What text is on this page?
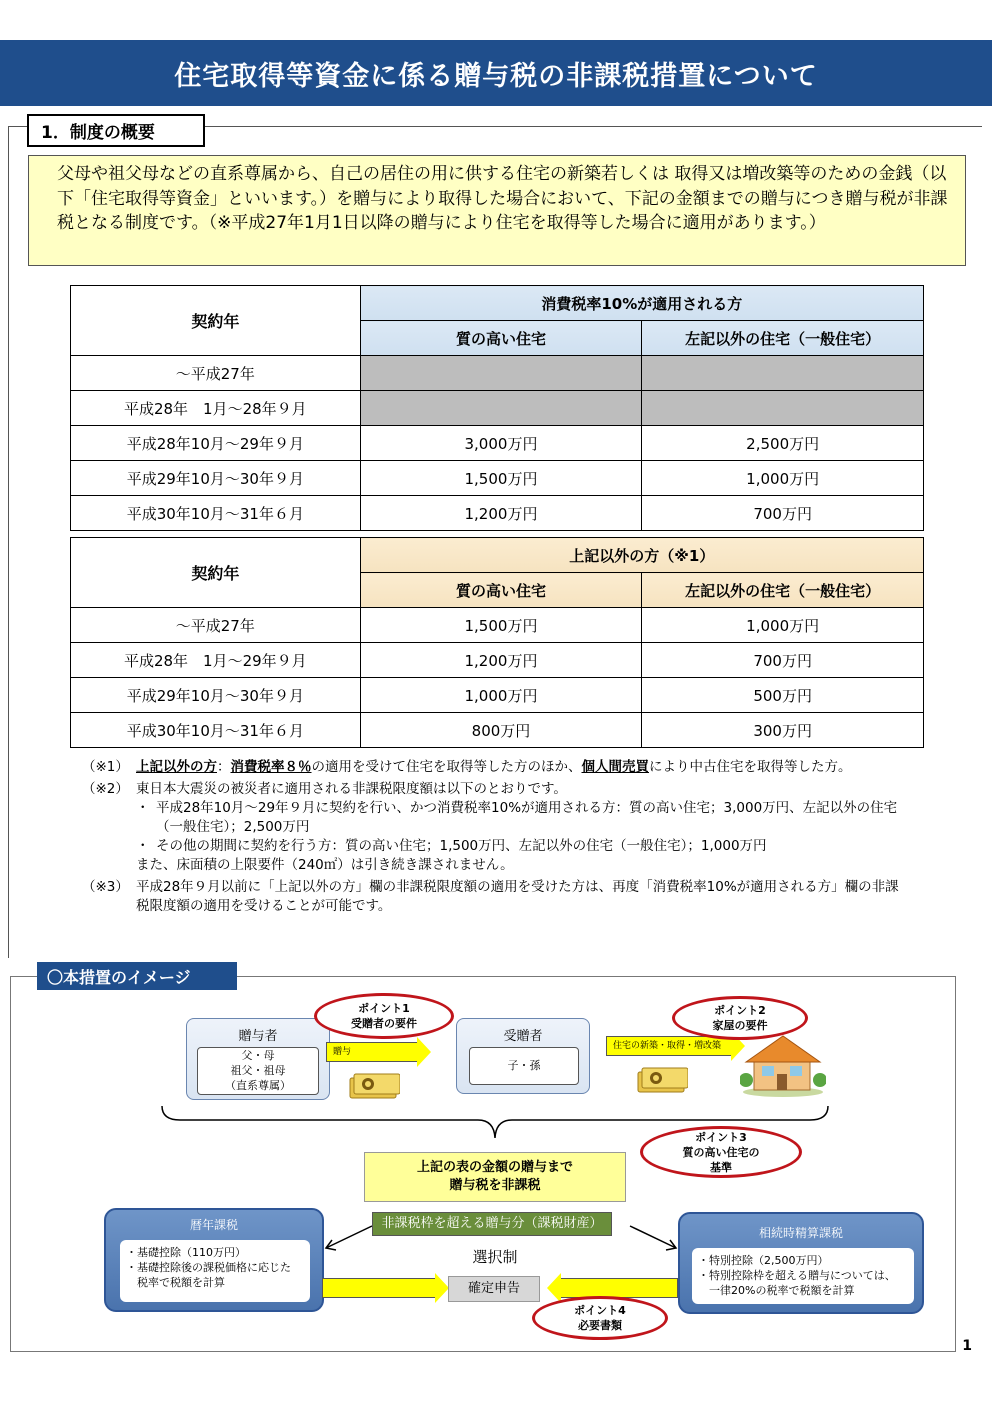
住宅取得等資金に係る贈与税の非課税措置について
1．制度の概要
父母や祖父母などの直系尊属から、自己の居住の用に供する住宅の新築若しくは 取得又は増改築等のための金銭（以下「住宅取得等資金」といいます。）を贈与により取得した場合において、下記の金額までの贈与につき贈与税が非課税となる制度です。（※平成27年1月1日以降の贈与により住宅を取得等した場合に適用があります。）
契約年	消費税率10%が適用される方	
	質の高い住宅	左記以外の住宅（一般住宅）
～平成27年		
平成28年　1月～28年９月		
平成28年10月～29年９月	3,000万円	2,500万円
平成29年10月～30年９月	1,500万円	1,000万円
平成30年10月～31年６月	1,200万円	700万円
契約年	上記以外の方（※1）	
	質の高い住宅	左記以外の住宅（一般住宅）
～平成27年	1,500万円	1,000万円
平成28年　1月～29年９月	1,200万円	700万円
平成29年10月～30年９月	1,000万円	500万円
平成30年10月～31年６月	800万円	300万円
（※1） 上記以外の方：消費税率８％の適用を受けて住宅を取得等した方のほか、個人間売買により中古住宅を取得等した方。
（※2） 東日本大震災の被災者に適用される非課税限度額は以下のとおりです。
・ 平成28年10月～29年９月に契約を行い、かつ消費税率10%が適用される方：質の高い住宅；3,000万円、左記以外の住宅（一般住宅）；2,500万円
・ その他の期間に契約を行う方：質の高い住宅；1,500万円、左記以外の住宅（一般住宅）；1,000万円
また、床面積の上限要件（240㎡）は引き続き課されません。
（※3） 平成28年９月以前に「上記以外の方」欄の非課税限度額の適用を受けた方は、再度「消費税率10%が適用される方」欄の非課税限度額の適用を受けることが可能です。
〇本措置のイメージ
贈与者
父・母
祖父・祖母
（直系尊属）
贈与
受贈者
子・孫
住宅の新築・取得・増改築
ポイント1
受贈者の要件
ポイント2
家屋の要件
ポイント3
質の高い住宅の
基準
上記の表の金額の贈与まで
贈与税を非課税
暦年課税
・基礎控除（110万円）
・基礎控除後の課税価格に応じた
　税率で税額を計算
相続時精算課税
・特別控除（2,500万円）
・特別控除枠を超える贈与については、
　一律20%の税率で税額を計算
非課税枠を超える贈与分（課税財産）
選択制
確定申告
ポイント4
必要書類
1
